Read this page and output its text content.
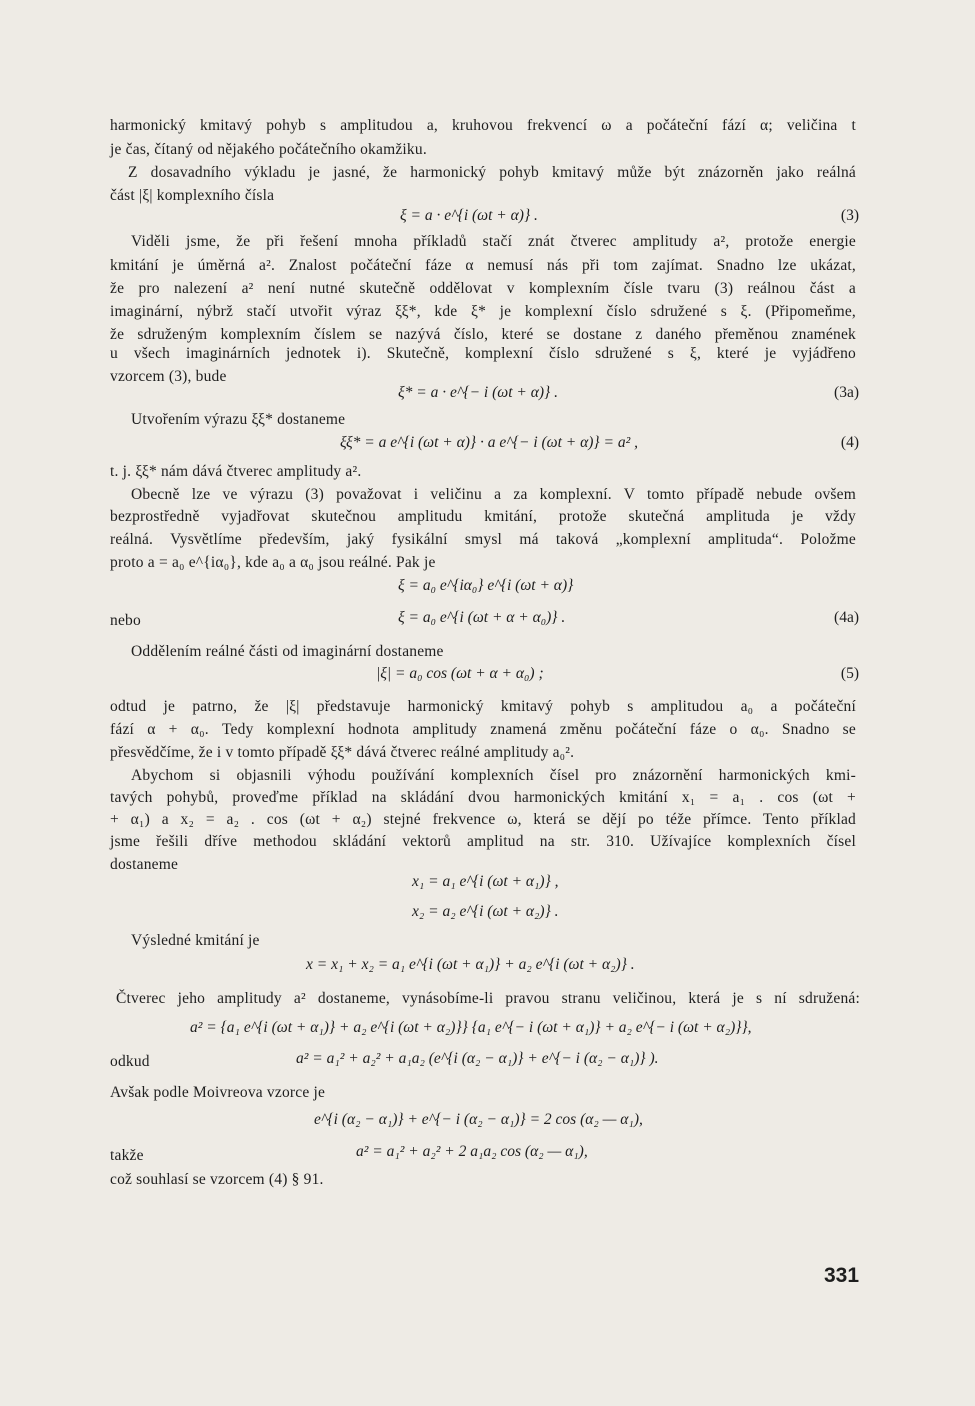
harmonický kmitavý pohyb s amplitudou a, kruhovou frekvencí ω a počáteční fází α; veličina t
je čas, čítaný od nějakého počátečního okamžiku.
Z dosavadního výkladu je jasné, že harmonický pohyb kmitavý může být znázorněn jako reálná
část |ξ| komplexního čísla
ξ = a · e^{i (ωt + α)} .	(3)
Viděli jsme, že při řešení mnoha příkladů stačí znát čtverec amplitudy a², protože energie
kmitání je úměrná a². Znalost počáteční fáze α nemusí nás při tom zajímat. Snadno lze ukázat,
že pro nalezení a² není nutné skutečně oddělovat v komplexním čísle tvaru (3) reálnou část a
imaginární, nýbrž stačí utvořit výraz ξξ*, kde ξ* je komplexní číslo sdružené s ξ. (Připomeňme,
že sdruženým komplexním číslem se nazývá číslo, které se dostane z daného přeměnou znamének
u všech imaginárních jednotek i). Skutečně, komplexní číslo sdružené s ξ, které je vyjádřeno
vzorcem (3), bude
ξ* = a · e^{− i (ωt + α)} .	(3a)
Utvořením výrazu ξξ* dostaneme
ξξ* = a e^{i (ωt + α)} · a e^{− i (ωt + α)} = a² ,	(4)
t. j. ξξ* nám dává čtverec amplitudy a².
Obecně lze ve výrazu (3) považovat i veličinu a za komplexní. V tomto případě nebude ovšem
bezprostředně vyjadřovat skutečnou amplitudu kmitání, protože skutečná amplituda je vždy
reálná. Vysvětlíme především, jaký fysikální smysl má taková „komplexní amplituda“. Položme
proto a = a₀ e^{iα₀}, kde a₀ a α₀ jsou reálné. Pak je
ξ = a₀ e^{iα₀} e^{i (ωt + α)}
nebo	ξ = a₀ e^{i (ωt + α + α₀)} .	(4a)
Oddělením reálné části od imaginární dostaneme
|ξ| = a₀ cos (ωt + α + α₀) ;	(5)
odtud je patrno, že |ξ| představuje harmonický kmitavý pohyb s amplitudou a₀ a počáteční
fází α + α₀. Tedy komplexní hodnota amplitudy znamená změnu počáteční fáze o α₀. Snadno se
přesvědčíme, že i v tomto případě ξξ* dává čtverec reálné amplitudy a₀².
Abychom si objasnili výhodu používání komplexních čísel pro znázornění harmonických kmi-
tavých pohybů, proveďme příklad na skládání dvou harmonických kmitání x₁ = a₁ . cos (ωt +
+ α₁) a x₂ = a₂ . cos (ωt + α₂) stejné frekvence ω, která se dějí po téže přímce. Tento příklad
jsme řešili dříve methodou skládání vektorů amplitud na str. 310. Užívajíce komplexních čísel
dostaneme
x₁ = a₁ e^{i (ωt + α₁)} ,
x₂ = a₂ e^{i (ωt + α₂)} .
Výsledné kmitání je
x = x₁ + x₂ = a₁ e^{i (ωt + α₁)} + a₂ e^{i (ωt + α₂)} .
Čtverec jeho amplitudy a² dostaneme, vynásobíme-li pravou stranu veličinou, která je s ní sdružená:
a² = {a₁ e^{i (ωt + α₁)} + a₂ e^{i (ωt + α₂)}} {a₁ e^{− i (ωt + α₁)} + a₂ e^{− i (ωt + α₂)}},
odkud	a² = a₁² + a₂² + a₁a₂ (e^{i (α₂ − α₁)} + e^{− i (α₂ − α₁)} ).
Avšak podle Moivreova vzorce je
e^{i (α₂ − α₁)} + e^{− i (α₂ − α₁)} = 2 cos (α₂ — α₁),
takže	a² = a₁² + a₂² + 2 a₁a₂ cos (α₂ — α₁),
což souhlasí se vzorcem (4) § 91.
331
